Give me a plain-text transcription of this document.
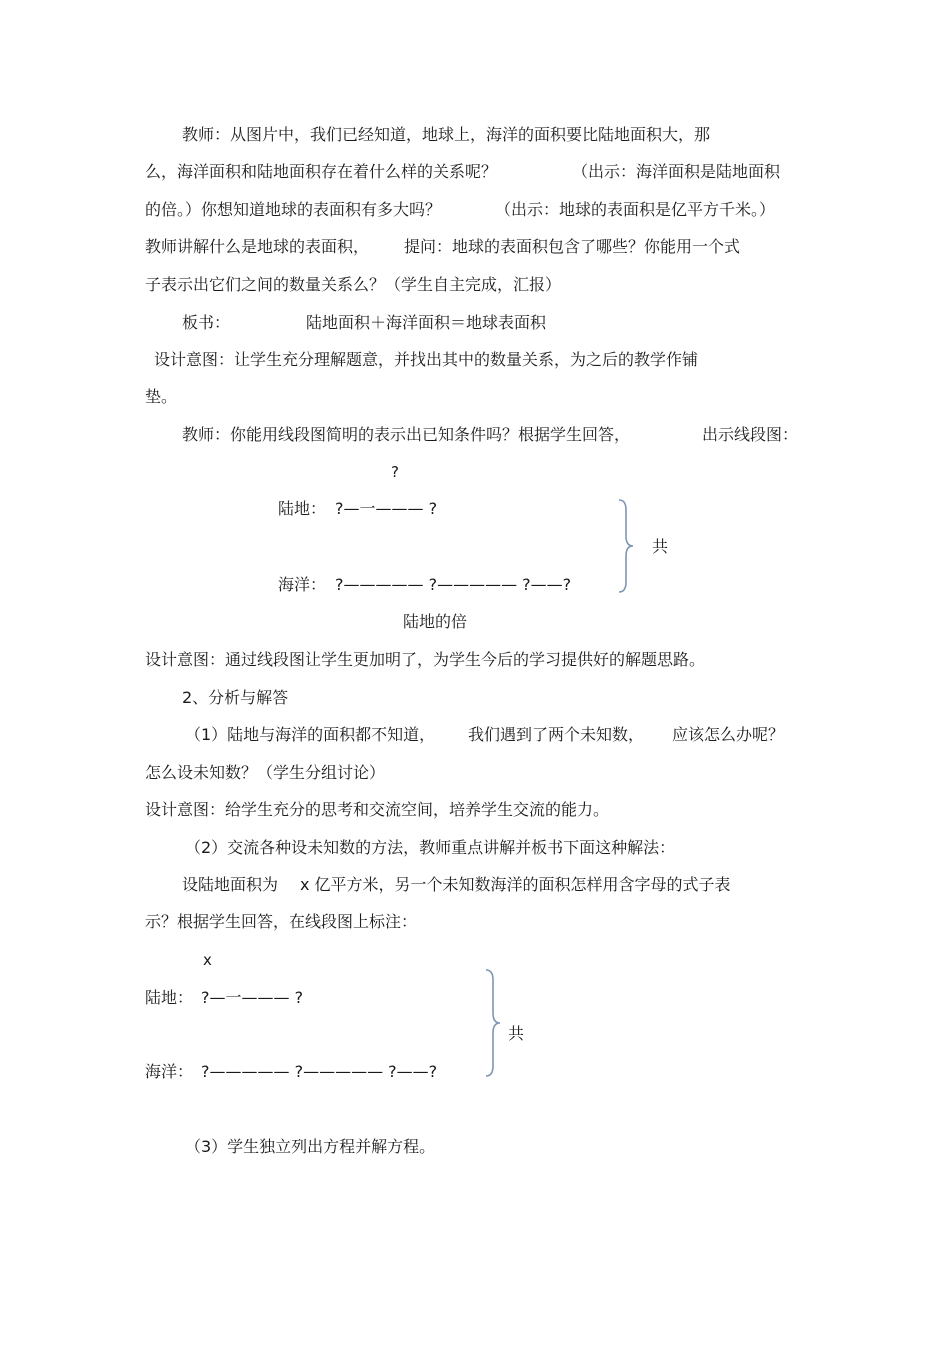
教师：从图片中，我们已经知道，地球上，海洋的面积要比陆地面积大，那
么，海洋面积和陆地面积存在着什么样的关系呢？	（出示：海洋面积是陆地面积
的倍。）你想知道地球的表面积有多大吗？	（出示：地球的表面积是亿平方千米。）
教师讲解什么是地球的表面积， 提问：地球的表面积包含了哪些？你能用一个式
子表示出它们之间的数量关系么？（学生自主完成，汇报）
板书：	陆地面积＋海洋面积＝地球表面积
设计意图：让学生充分理解题意，并找出其中的数量关系，为之后的教学作铺
垫。
教师：你能用线段图简明的表示出已知条件吗？根据学生回答，	出示线段图：
?
陆地： ?—一——— ?
海洋： ?————— ?————— ?——?
共
陆地的倍
设计意图：通过线段图让学生更加明了，为学生今后的学习提供好的解题思路。
2、分析与解答
（1）陆地与海洋的面积都不知道， 我们遇到了两个未知数， 应该怎么办呢？
怎么设未知数？（学生分组讨论）
设计意图：给学生充分的思考和交流空间，培养学生交流的能力。
（2）交流各种设未知数的方法，教师重点讲解并板书下面这种解法：
设陆地面积为 x 亿平方米，另一个未知数海洋的面积怎样用含字母的式子表
示？根据学生回答，在线段图上标注：
x
陆地： ?—一——— ?
海洋： ?————— ?————— ?——?
共
（3）学生独立列出方程并解方程。
